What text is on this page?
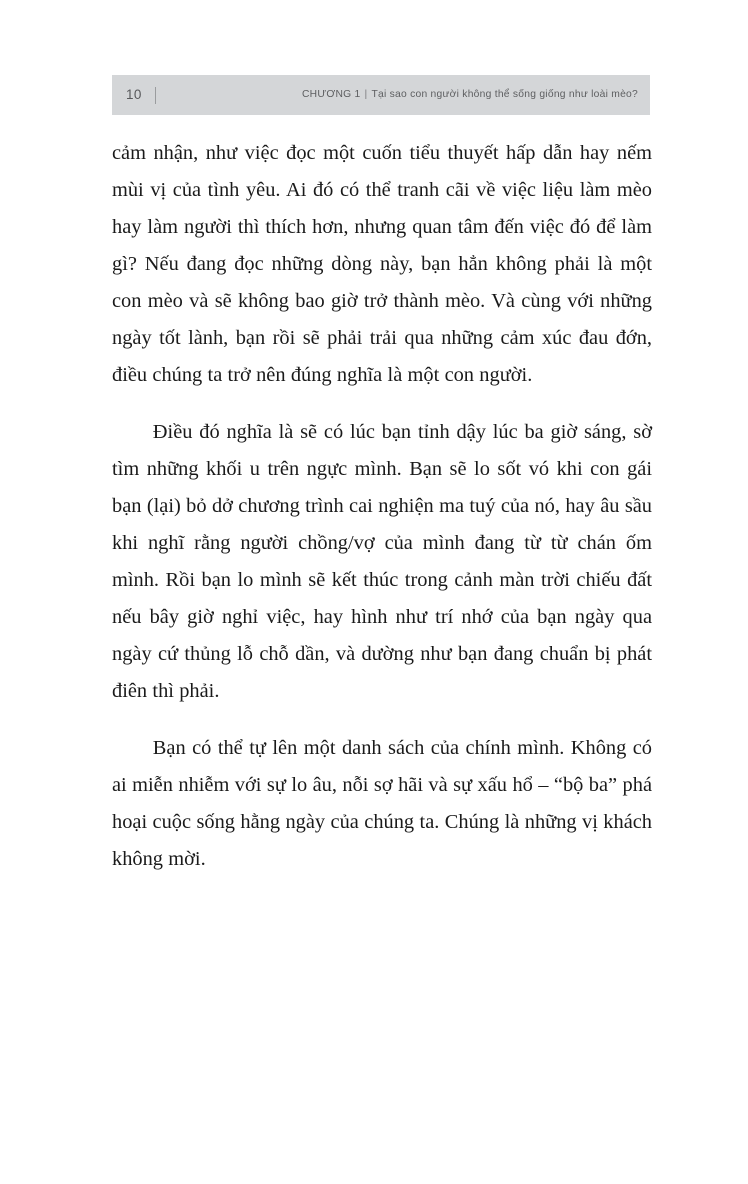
10	CHƯƠNG 1 | Tại sao con người không thể sống giống như loài mèo?

cảm nhận, như việc đọc một cuốn tiểu thuyết hấp dẫn hay nếm mùi vị của tình yêu. Ai đó có thể tranh cãi về việc liệu làm mèo hay làm người thì thích hơn, nhưng quan tâm đến việc đó để làm gì? Nếu đang đọc những dòng này, bạn hẳn không phải là một con mèo và sẽ không bao giờ trở thành mèo. Và cùng với những ngày tốt lành, bạn rồi sẽ phải trải qua những cảm xúc đau đớn, điều chúng ta trở nên đúng nghĩa là một con người.

Điều đó nghĩa là sẽ có lúc bạn tỉnh dậy lúc ba giờ sáng, sờ tìm những khối u trên ngực mình. Bạn sẽ lo sốt vó khi con gái bạn (lại) bỏ dở chương trình cai nghiện ma tuý của nó, hay âu sầu khi nghĩ rằng người chồng/vợ của mình đang từ từ chán ốm mình. Rồi bạn lo mình sẽ kết thúc trong cảnh màn trời chiếu đất nếu bây giờ nghỉ việc, hay hình như trí nhớ của bạn ngày qua ngày cứ thủng lỗ chỗ dần, và dường như bạn đang chuẩn bị phát điên thì phải.

Bạn có thể tự lên một danh sách của chính mình. Không có ai miễn nhiễm với sự lo âu, nỗi sợ hãi và sự xấu hổ – “bộ ba” phá hoại cuộc sống hằng ngày của chúng ta. Chúng là những vị khách không mời.
